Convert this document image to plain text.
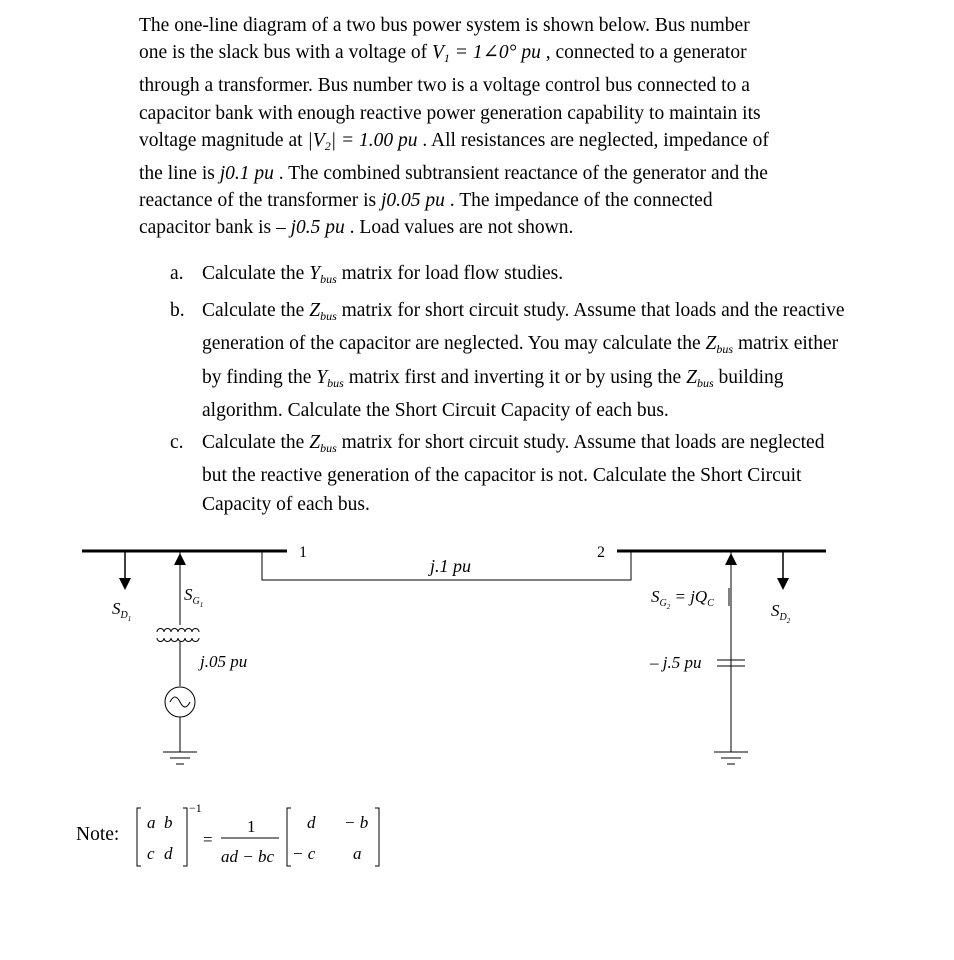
The one-line diagram of a two bus power system is shown below. Bus number

one is the slack bus with a voltage of $V_1$ = 1∠0° pu , connected to a generator

through a transformer. Bus number two is a voltage control bus connected to a

capacitor bank with enough reactive power generation capability to maintain its

voltage magnitude at $|V_2| = 1.00$ pu . All resistances are neglected, impedance of

the line is j0.1 pu . The combined subtransient reactance of the generator and the

reactance of the transformer is j0.05 pu . The impedance of the connected

capacitor bank is – j0.5 pu . Load values are not shown.

a. Calculate the $Y_{bus}$ matrix for load flow studies.
b. Calculate the $Z_{bus}$ matrix for short circuit study. Assume that loads and the reactive generation of the capacitor are neglected. You may calculate the $Z_{bus}$ matrix either by finding the $Y_{bus}$ matrix first and inverting it or by using the $Z_{bus}$ building algorithm. Calculate the Short Circuit Capacity of each bus.
c. Calculate the $Z_{bus}$ matrix for short circuit study. Assume that loads are neglected but the reactive generation of the capacitor is not. Calculate the Short Circuit Capacity of each bus.
1	2
j.1 pu
$S_D1$
$S_G1$
j.05 pu
$S_G2 = jQ_C$
– j.5 pu
$S_D2$
a b
c d
−1
=
1
ad − bc
d − b
− c a
Note:
